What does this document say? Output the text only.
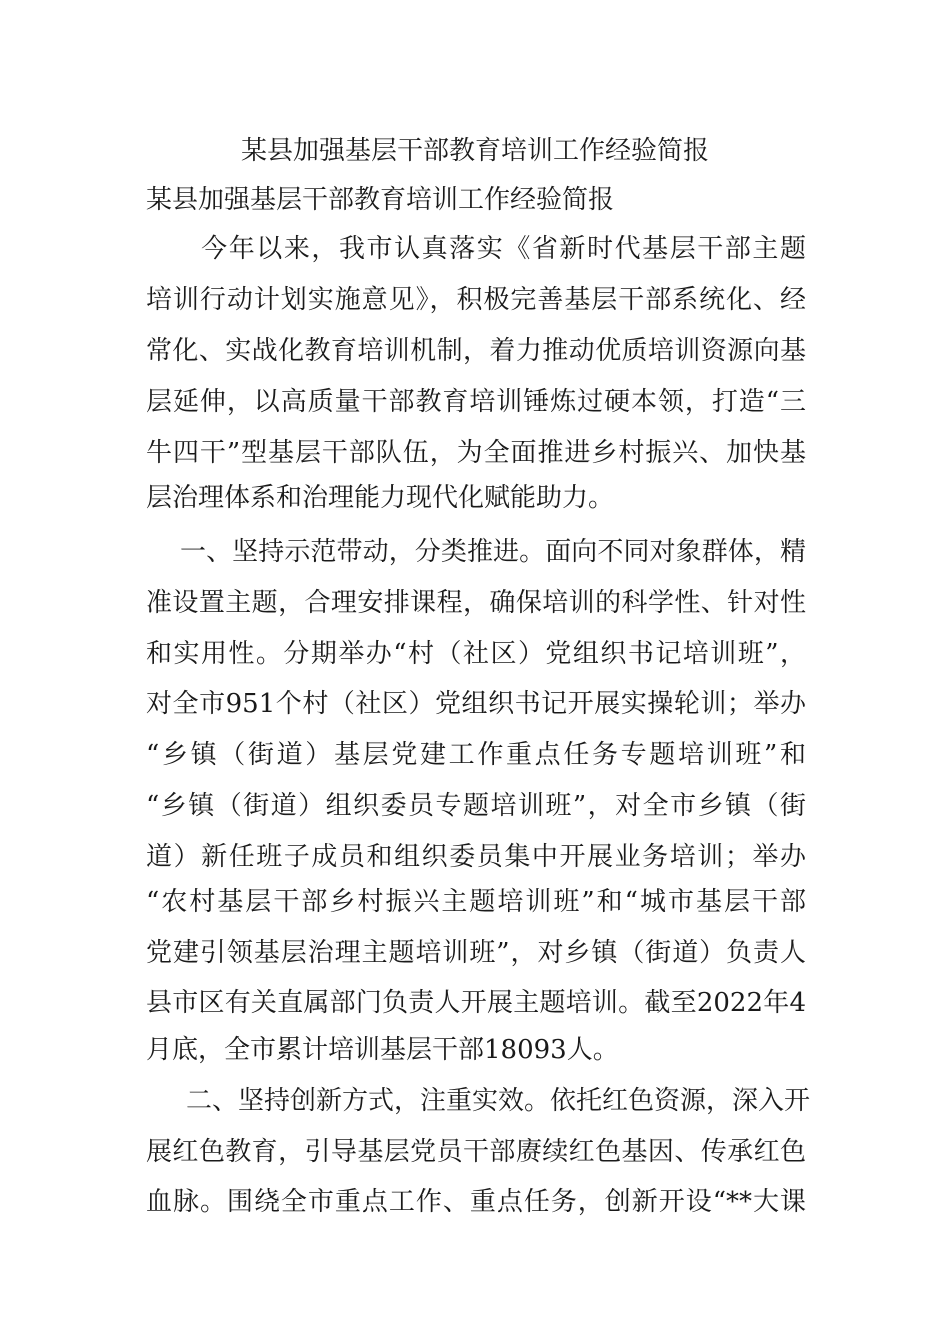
某县加强基层干部教育培训工作经验简报
某县加强基层干部教育培训工作经验简报
　　今年以来，我市认真落实《省新时代基层干部主题
培训行动计划实施意见》，积极完善基层干部系统化、经
常化、实战化教育培训机制，着力推动优质培训资源向基
层延伸，以高质量干部教育培训锤炼过硬本领，打造“三
牛四干”型基层干部队伍，为全面推进乡村振兴、加快基
层治理体系和治理能力现代化赋能助力。
一、坚持示范带动，分类推进。面向不同对象群体，精
准设置主题，合理安排课程，确保培训的科学性、针对性
和实用性。分期举办“村（社区）党组织书记培训班”，
对全市951个村（社区）党组织书记开展实操轮训；举办
“乡镇（街道）基层党建工作重点任务专题培训班”和
“乡镇（街道）组织委员专题培训班”，对全市乡镇（街
道）新任班子成员和组织委员集中开展业务培训；举办
“农村基层干部乡村振兴主题培训班”和“城市基层干部
党建引领基层治理主题培训班”，对乡镇（街道）负责人
县市区有关直属部门负责人开展主题培训。截至2022年4
月底，全市累计培训基层干部18093人。
二、坚持创新方式，注重实效。依托红色资源，深入开
展红色教育，引导基层党员干部赓续红色基因、传承红色
血脉。围绕全市重点工作、重点任务，创新开设“**大课
